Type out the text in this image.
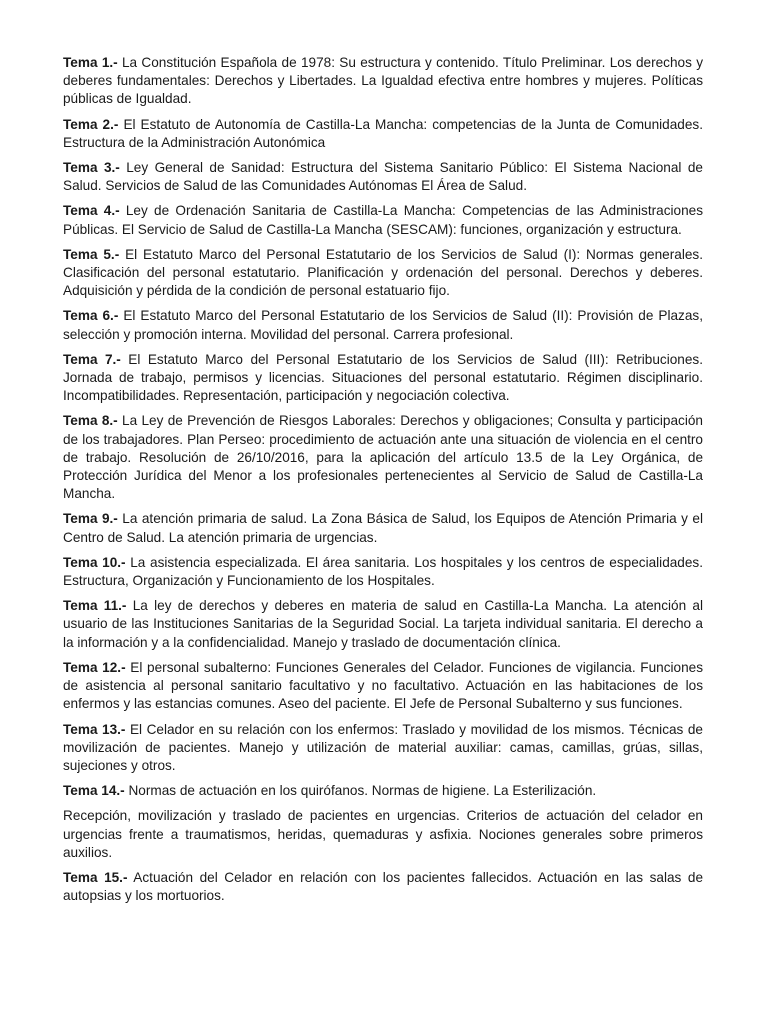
Tema 1.- La Constitución Española de 1978: Su estructura y contenido. Título Preliminar. Los derechos y deberes fundamentales: Derechos y Libertades. La Igualdad efectiva entre hombres y mujeres. Políticas públicas de Igualdad.

Tema 2.- El Estatuto de Autonomía de Castilla-La Mancha: competencias de la Junta de Comunidades. Estructura de la Administración Autonómica

Tema 3.- Ley General de Sanidad: Estructura del Sistema Sanitario Público: El Sistema Nacional de Salud. Servicios de Salud de las Comunidades Autónomas El Área de Salud.

Tema 4.- Ley de Ordenación Sanitaria de Castilla-La Mancha: Competencias de las Administraciones Públicas. El Servicio de Salud de Castilla-La Mancha (SESCAM): funciones, organización y estructura.

Tema 5.- El Estatuto Marco del Personal Estatutario de los Servicios de Salud (I): Normas generales. Clasificación del personal estatutario. Planificación y ordenación del personal. Derechos y deberes. Adquisición y pérdida de la condición de personal estatuario fijo.

Tema 6.- El Estatuto Marco del Personal Estatutario de los Servicios de Salud (II): Provisión de Plazas, selección y promoción interna. Movilidad del personal. Carrera profesional.

Tema 7.- El Estatuto Marco del Personal Estatutario de los Servicios de Salud (III): Retribuciones. Jornada de trabajo, permisos y licencias. Situaciones del personal estatutario. Régimen disciplinario. Incompatibilidades. Representación, participación y negociación colectiva.

Tema 8.- La Ley de Prevención de Riesgos Laborales: Derechos y obligaciones; Consulta y participación de los trabajadores. Plan Perseo: procedimiento de actuación ante una situación de violencia en el centro de trabajo. Resolución de 26/10/2016, para la aplicación del artículo 13.5 de la Ley Orgánica, de Protección Jurídica del Menor a los profesionales pertenecientes al Servicio de Salud de Castilla-La Mancha.

Tema 9.- La atención primaria de salud. La Zona Básica de Salud, los Equipos de Atención Primaria y el Centro de Salud. La atención primaria de urgencias.

Tema 10.- La asistencia especializada. El área sanitaria. Los hospitales y los centros de especialidades. Estructura, Organización y Funcionamiento de los Hospitales.

Tema 11.- La ley de derechos y deberes en materia de salud en Castilla-La Mancha. La atención al usuario de las Instituciones Sanitarias de la Seguridad Social. La tarjeta individual sanitaria. El derecho a la información y a la confidencialidad. Manejo y traslado de documentación clínica.

Tema 12.- El personal subalterno: Funciones Generales del Celador. Funciones de vigilancia. Funciones de asistencia al personal sanitario facultativo y no facultativo. Actuación en las habitaciones de los enfermos y las estancias comunes. Aseo del paciente. El Jefe de Personal Subalterno y sus funciones.

Tema 13.- El Celador en su relación con los enfermos: Traslado y movilidad de los mismos. Técnicas de movilización de pacientes. Manejo y utilización de material auxiliar: camas, camillas, grúas, sillas, sujeciones y otros.

Tema 14.- Normas de actuación en los quirófanos. Normas de higiene. La Esterilización.

Recepción, movilización y traslado de pacientes en urgencias. Criterios de actuación del celador en urgencias frente a traumatismos, heridas, quemaduras y asfixia. Nociones generales sobre primeros auxilios.

Tema 15.- Actuación del Celador en relación con los pacientes fallecidos. Actuación en las salas de autopsias y los mortuorios.
